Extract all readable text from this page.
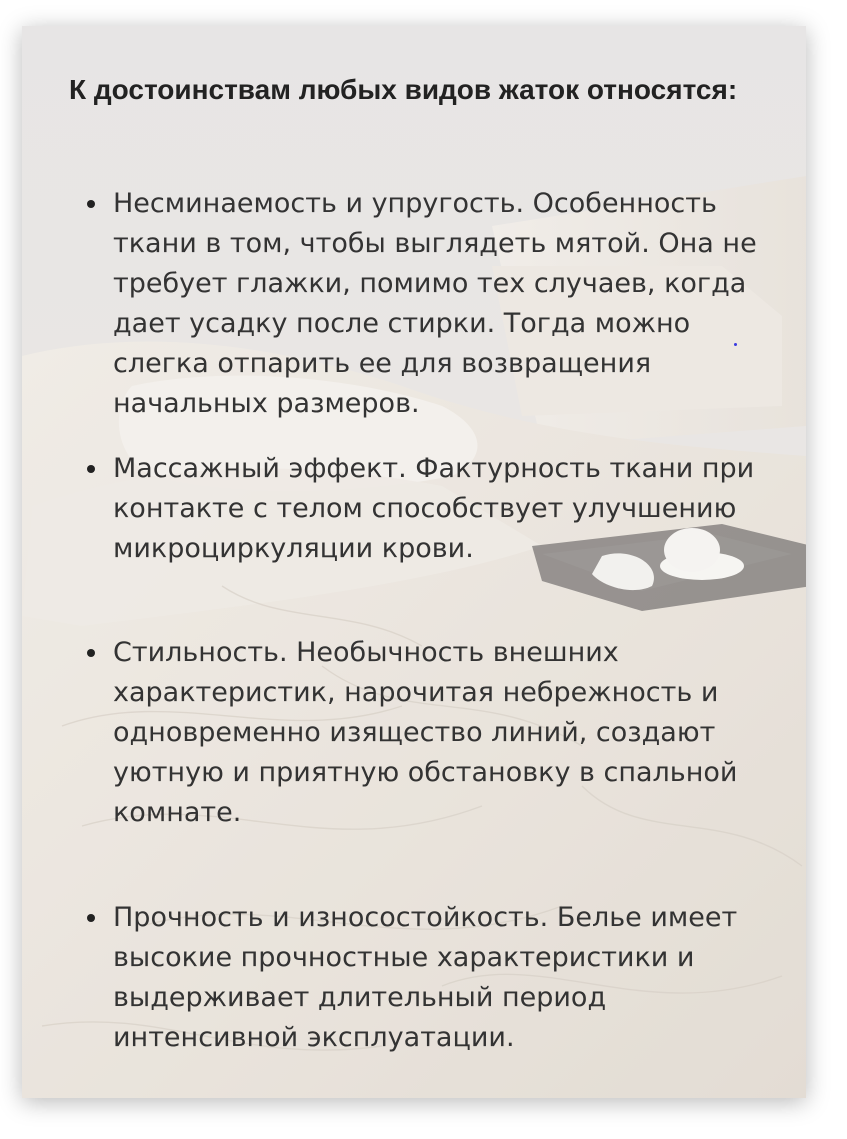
К достоинствам любых видов жаток относятся:
Несминаемость и упругость. Особенность ткани в том, чтобы выглядеть мятой. Она не требует глажки, помимо тех случаев, когда дает усадку после стирки. Тогда можно слегка отпарить ее для возвращения начальных размеров.
Массажный эффект. Фактурность ткани при контакте с телом способствует улучшению микроциркуляции крови.
Стильность. Необычность внешних характеристик, нарочитая небрежность и одновременно изящество линий, создают уютную и приятную обстановку в спальной комнате.
Прочность и износостойкость. Белье имеет высокие прочностные характеристики и выдерживает длительный период интенсивной эксплуатации.
